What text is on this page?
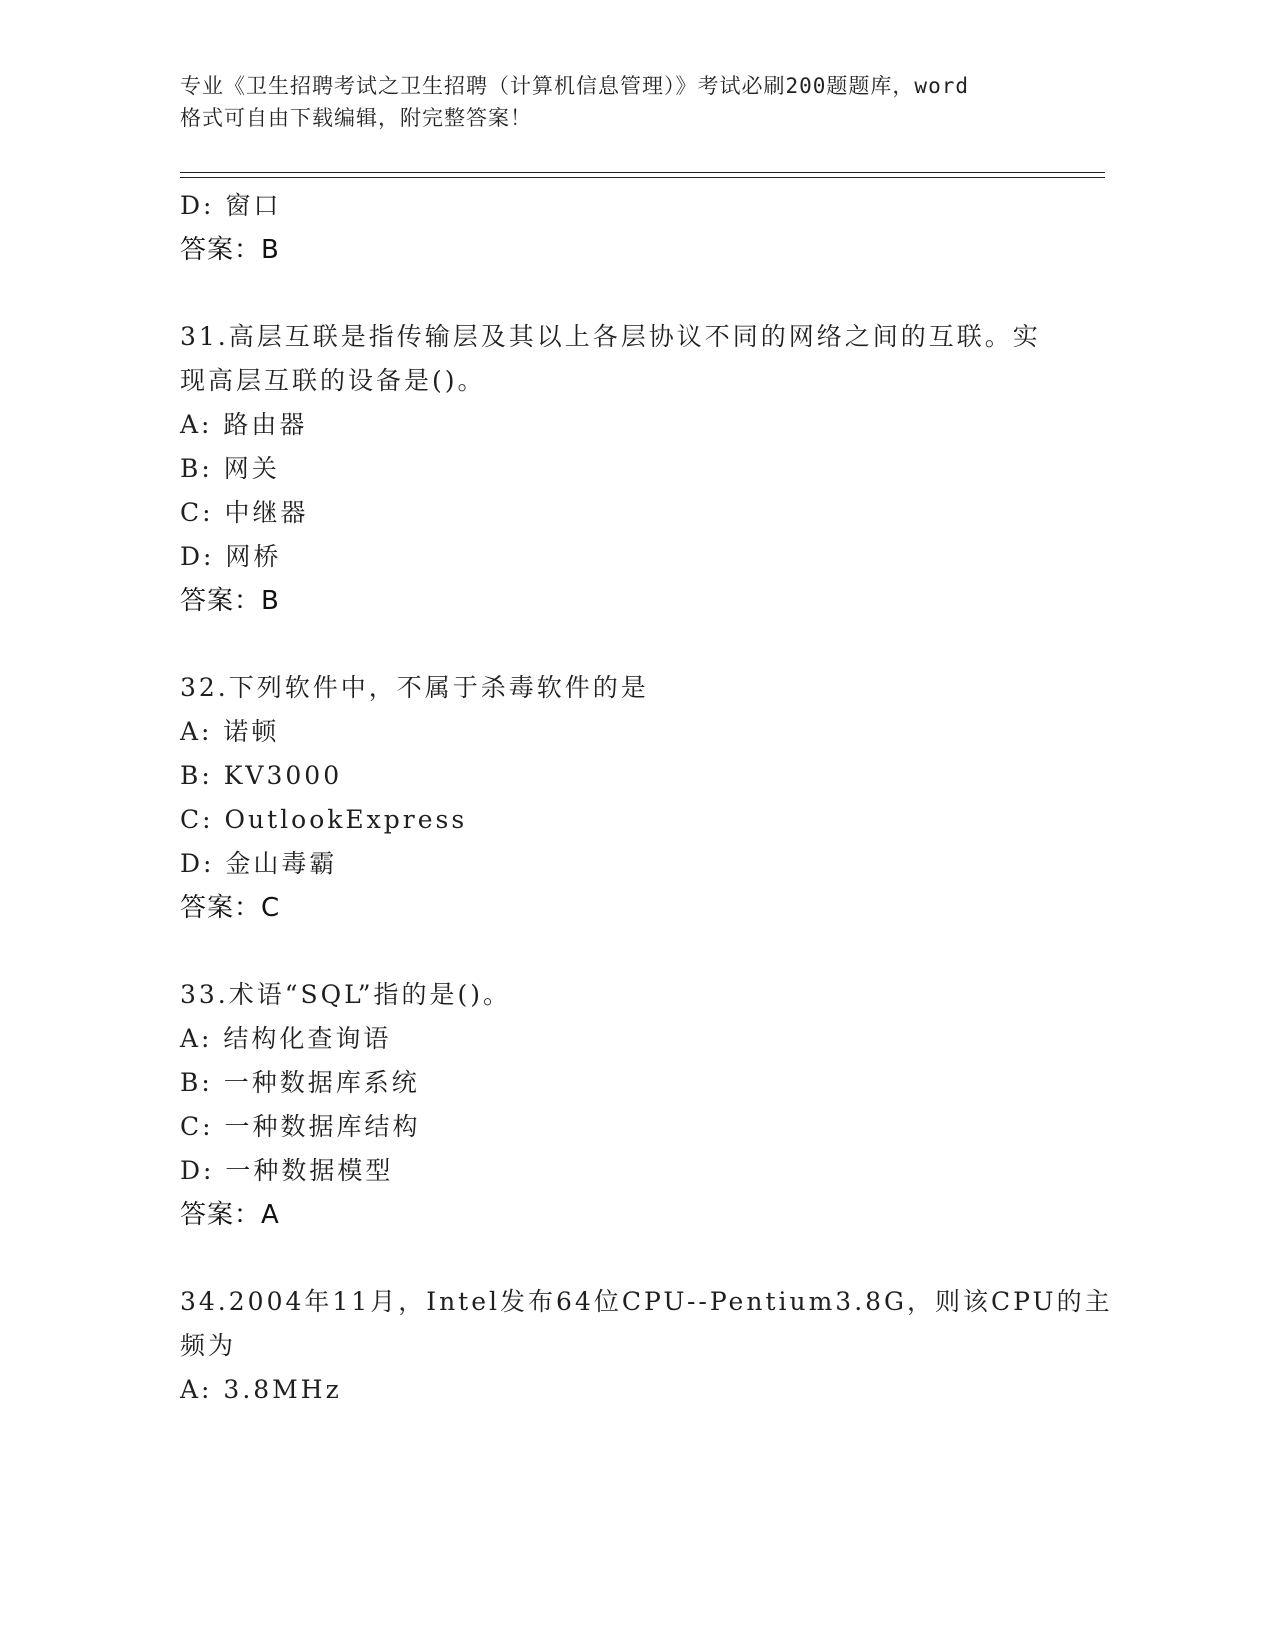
专业《卫生招聘考试之卫生招聘（计算机信息管理）》考试必刷200题题库，word
格式可自由下载编辑，附完整答案！
D: 窗口
答案：B
31.高层互联是指传输层及其以上各层协议不同的网络之间的互联。实
现高层互联的设备是()。
A: 路由器
B: 网关
C: 中继器
D: 网桥
答案：B
32.下列软件中，不属于杀毒软件的是
A: 诺顿
B: KV3000
C: OutlookExpress
D: 金山毒霸
答案：C
33.术语“SQL”指的是()。
A: 结构化查询语
B: 一种数据库系统
C: 一种数据库结构
D: 一种数据模型
答案：A
34.2004年11月，Intel发布64位CPU--Pentium3.8G，则该CPU的主
频为
A: 3.8MHz
